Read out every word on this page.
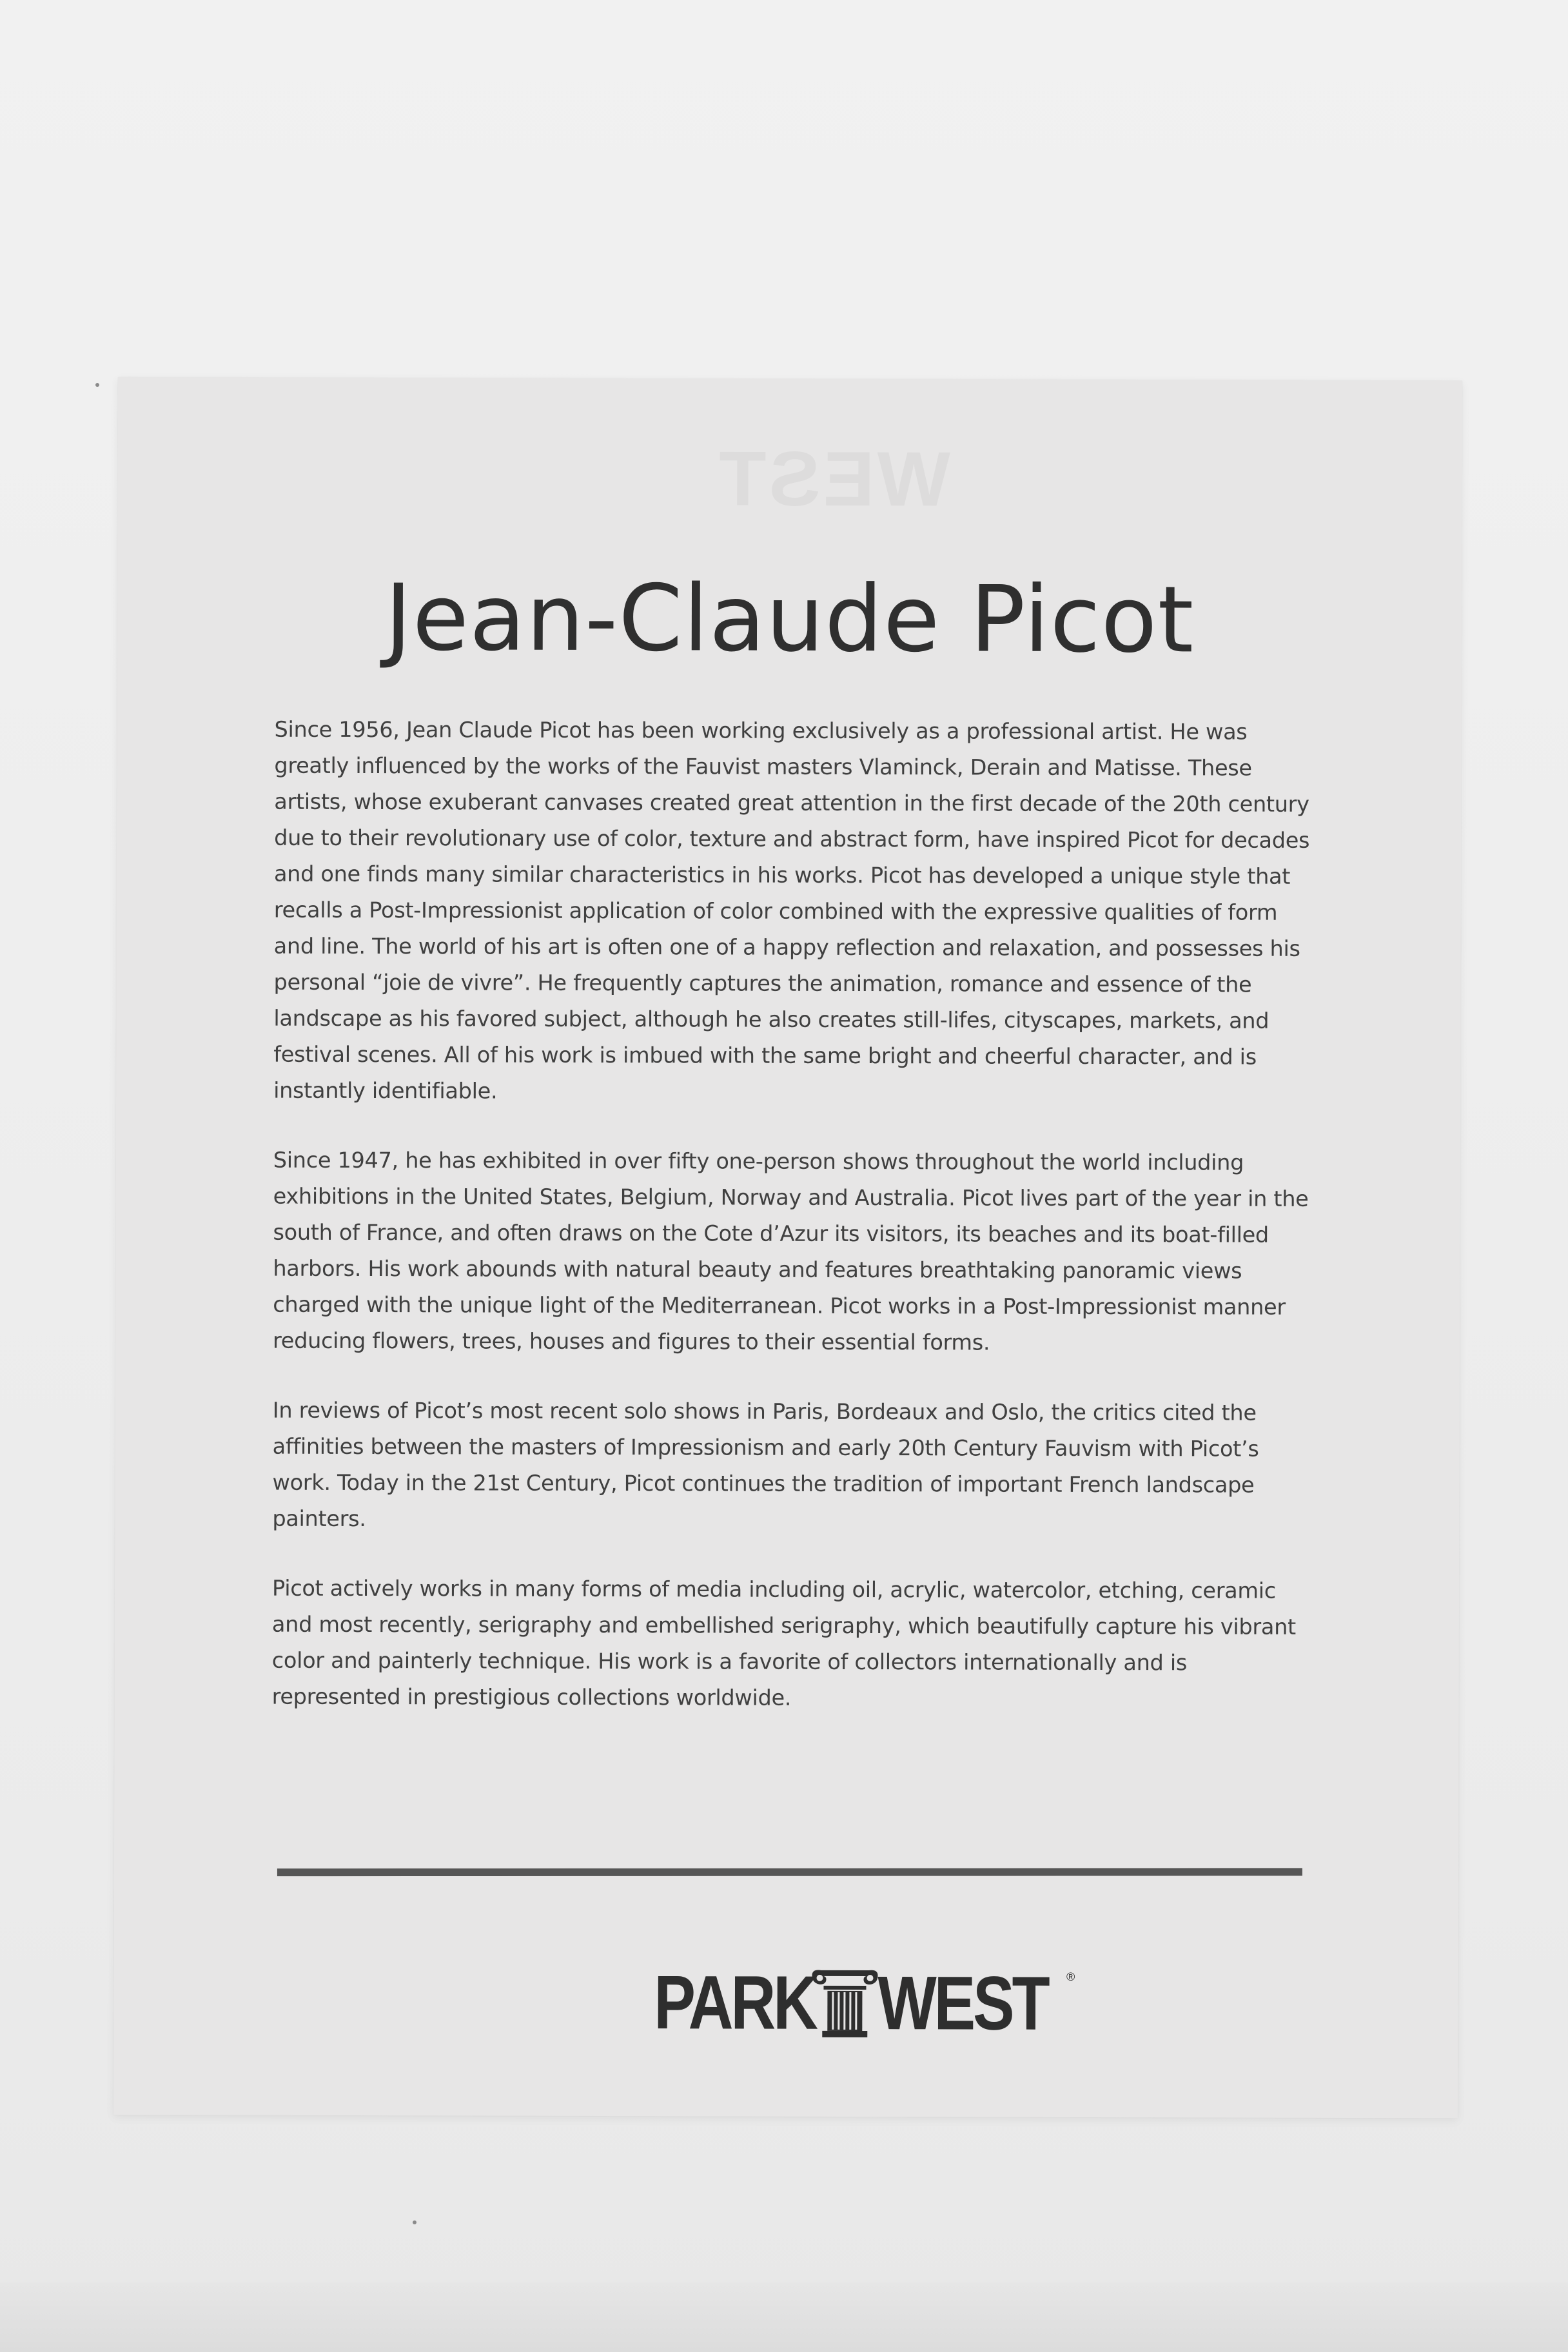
Jean-Claude Picot

Since 1956, Jean Claude Picot has been working exclusively as a professional artist. He was greatly influenced by the works of the Fauvist masters Vlaminck, Derain and Matisse. These artists, whose exuberant canvases created great attention in the first decade of the 20th century due to their revolutionary use of color, texture and abstract form, have inspired Picot for decades and one finds many similar characteristics in his works. Picot has developed a unique style that recalls a Post-Impressionist application of color combined with the expressive qualities of form and line. The world of his art is often one of a happy reflection and relaxation, and possesses his personal “joie de vivre”. He frequently captures the animation, romance and essence of the landscape as his favored subject, although he also creates still-lifes, cityscapes, markets, and festival scenes. All of his work is imbued with the same bright and cheerful character, and is instantly identifiable.

Since 1947, he has exhibited in over fifty one-person shows throughout the world including exhibitions in the United States, Belgium, Norway and Australia. Picot lives part of the year in the south of France, and often draws on the Cote d’Azur its visitors, its beaches and its boat-filled harbors. His work abounds with natural beauty and features breathtaking panoramic views charged with the unique light of the Mediterranean. Picot works in a Post-Impressionist manner reducing flowers, trees, houses and figures to their essential forms.

In reviews of Picot’s most recent solo shows in Paris, Bordeaux and Oslo, the critics cited the affinities between the masters of Impressionism and early 20th Century Fauvism with Picot’s work. Today in the 21st Century, Picot continues the tradition of important French landscape painters.

Picot actively works in many forms of media including oil, acrylic, watercolor, etching, ceramic and most recently, serigraphy and embellished serigraphy, which beautifully capture his vibrant color and painterly technique. His work is a favorite of collectors internationally and is represented in prestigious collections worldwide.

PARK WEST ®
